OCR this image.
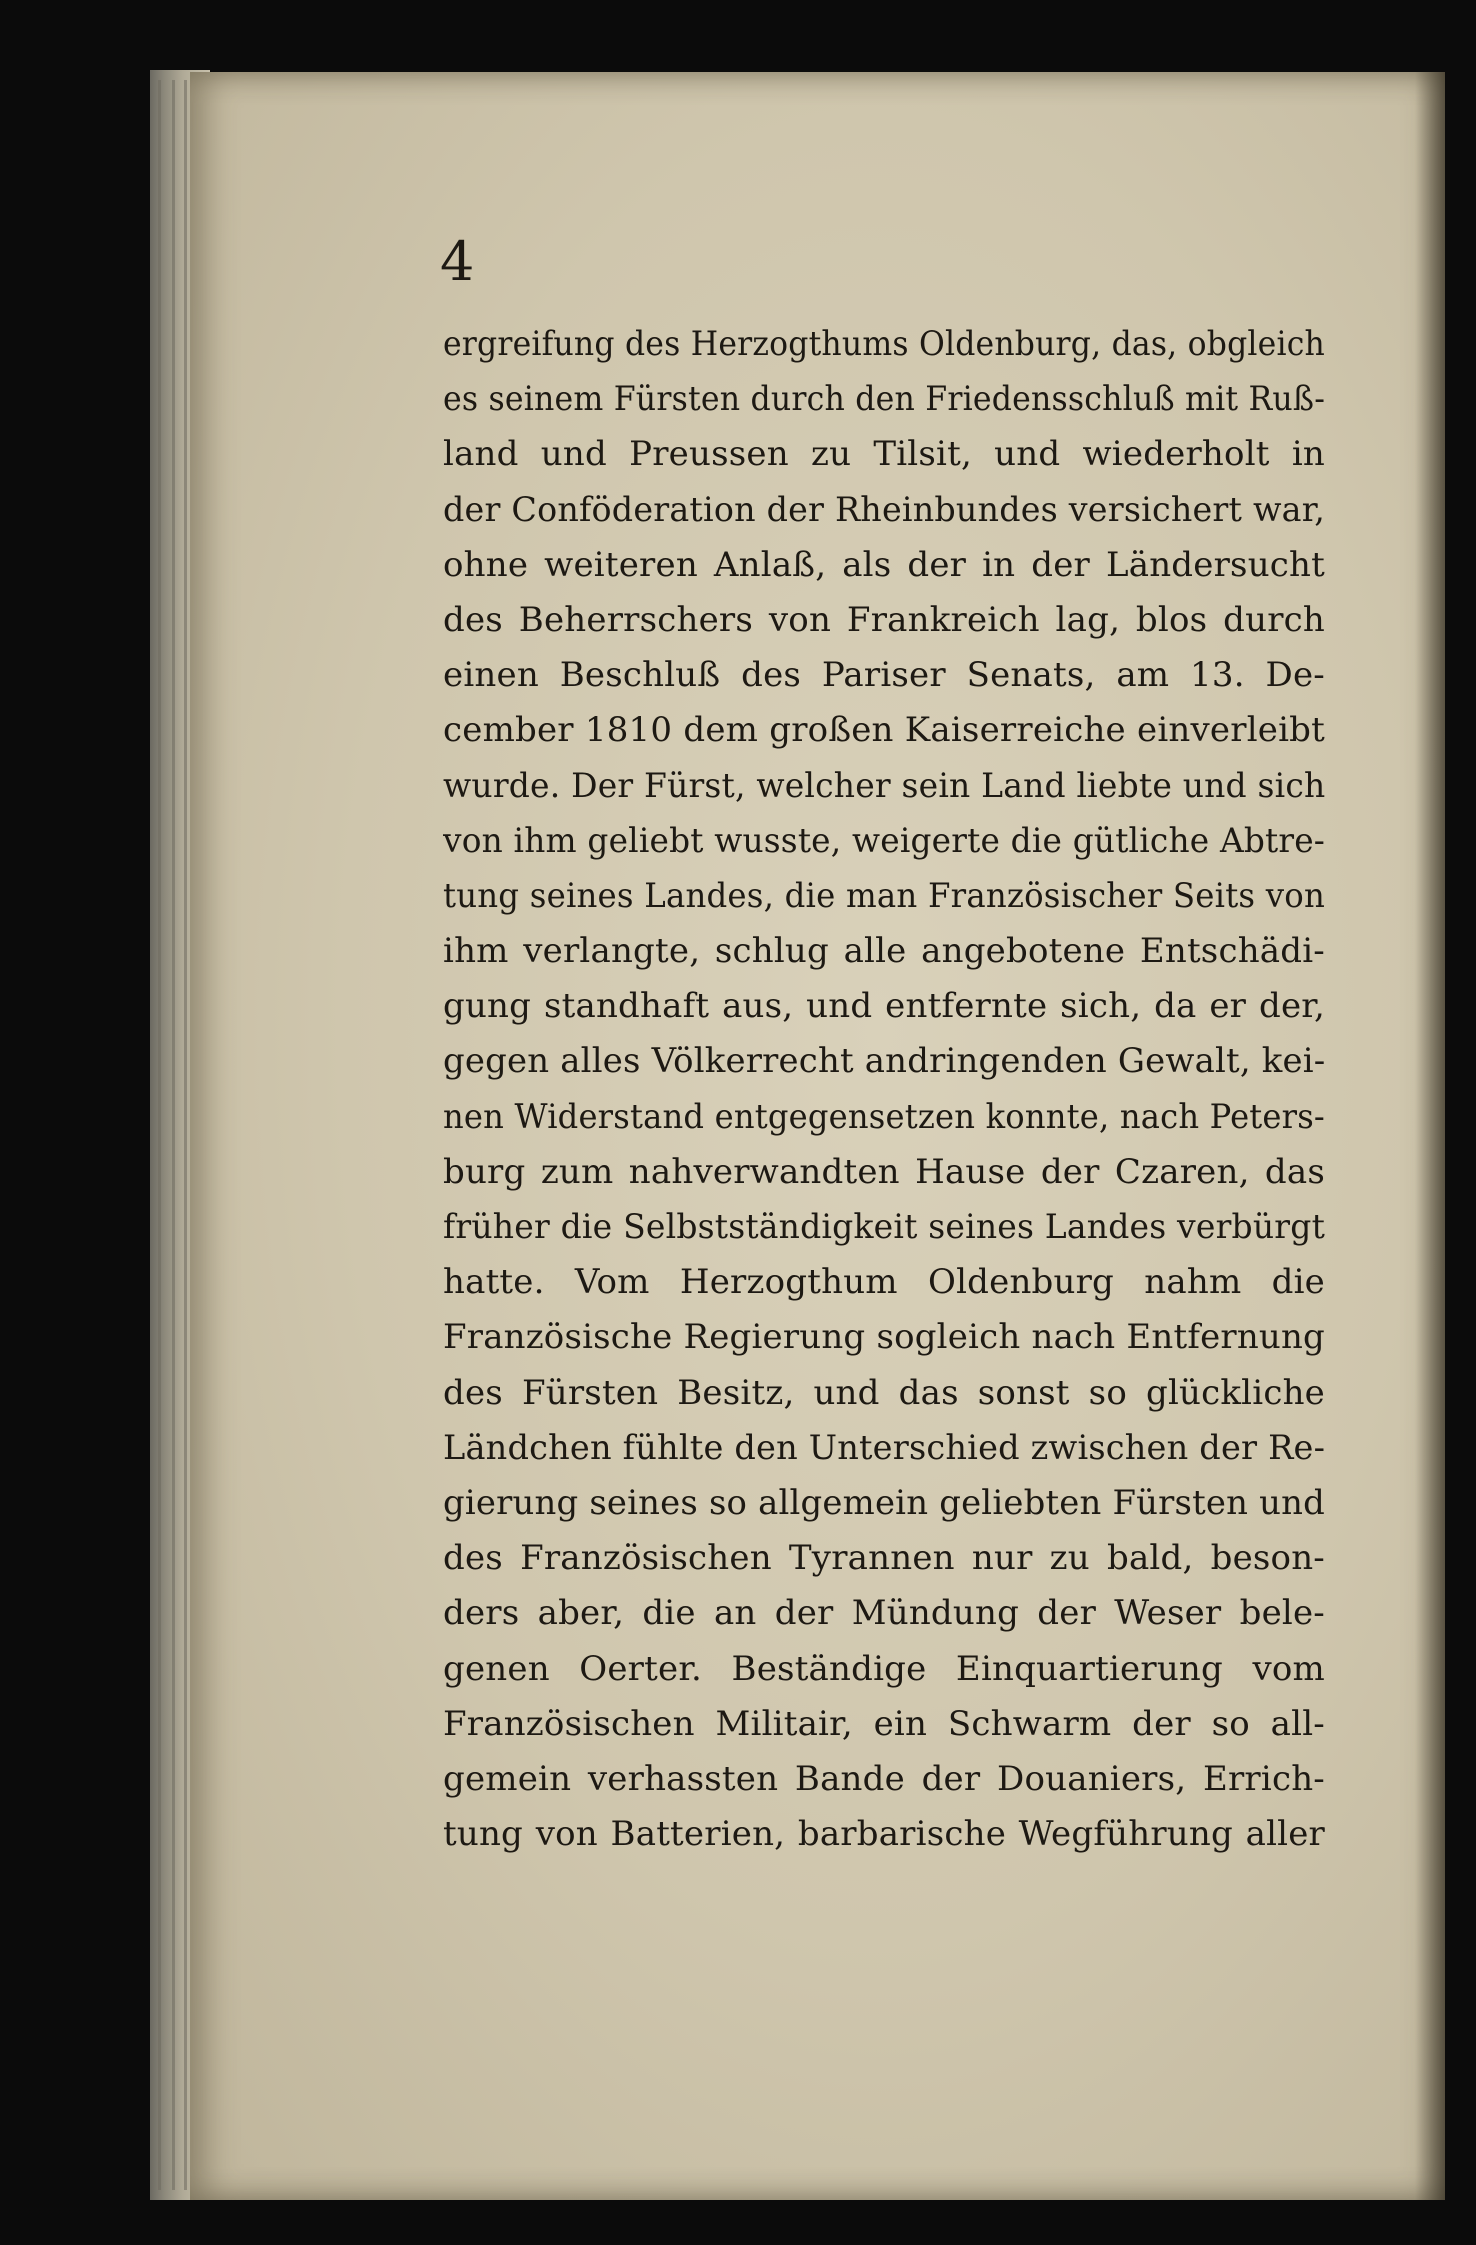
4
ergreifung des Herzogthums Oldenburg, das, obgleich
es seinem Fürsten durch den Friedensschluß mit Ruß-
land und Preussen zu Tilsit, und wiederholt in
der Conföderation der Rheinbundes versichert war,
ohne weiteren Anlaß, als der in der Ländersucht
des Beherrschers von Frankreich lag, blos durch
einen Beschluß des Pariser Senats, am 13. De-
cember 1810 dem großen Kaiserreiche einverleibt
wurde. Der Fürst, welcher sein Land liebte und sich
von ihm geliebt wusste, weigerte die gütliche Abtre-
tung seines Landes, die man Französischer Seits von
ihm verlangte, schlug alle angebotene Entschädi-
gung standhaft aus, und entfernte sich, da er der,
gegen alles Völkerrecht andringenden Gewalt, kei-
nen Widerstand entgegensetzen konnte, nach Peters-
burg zum nahverwandten Hause der Czaren, das
früher die Selbstständigkeit seines Landes verbürgt
hatte. Vom Herzogthum Oldenburg nahm die
Französische Regierung sogleich nach Entfernung
des Fürsten Besitz, und das sonst so glückliche
Ländchen fühlte den Unterschied zwischen der Re-
gierung seines so allgemein geliebten Fürsten und
des Französischen Tyrannen nur zu bald, beson-
ders aber, die an der Mündung der Weser bele-
genen Oerter. Beständige Einquartierung vom
Französischen Militair, ein Schwarm der so all-
gemein verhassten Bande der Douaniers, Errich-
tung von Batterien, barbarische Wegführung aller
